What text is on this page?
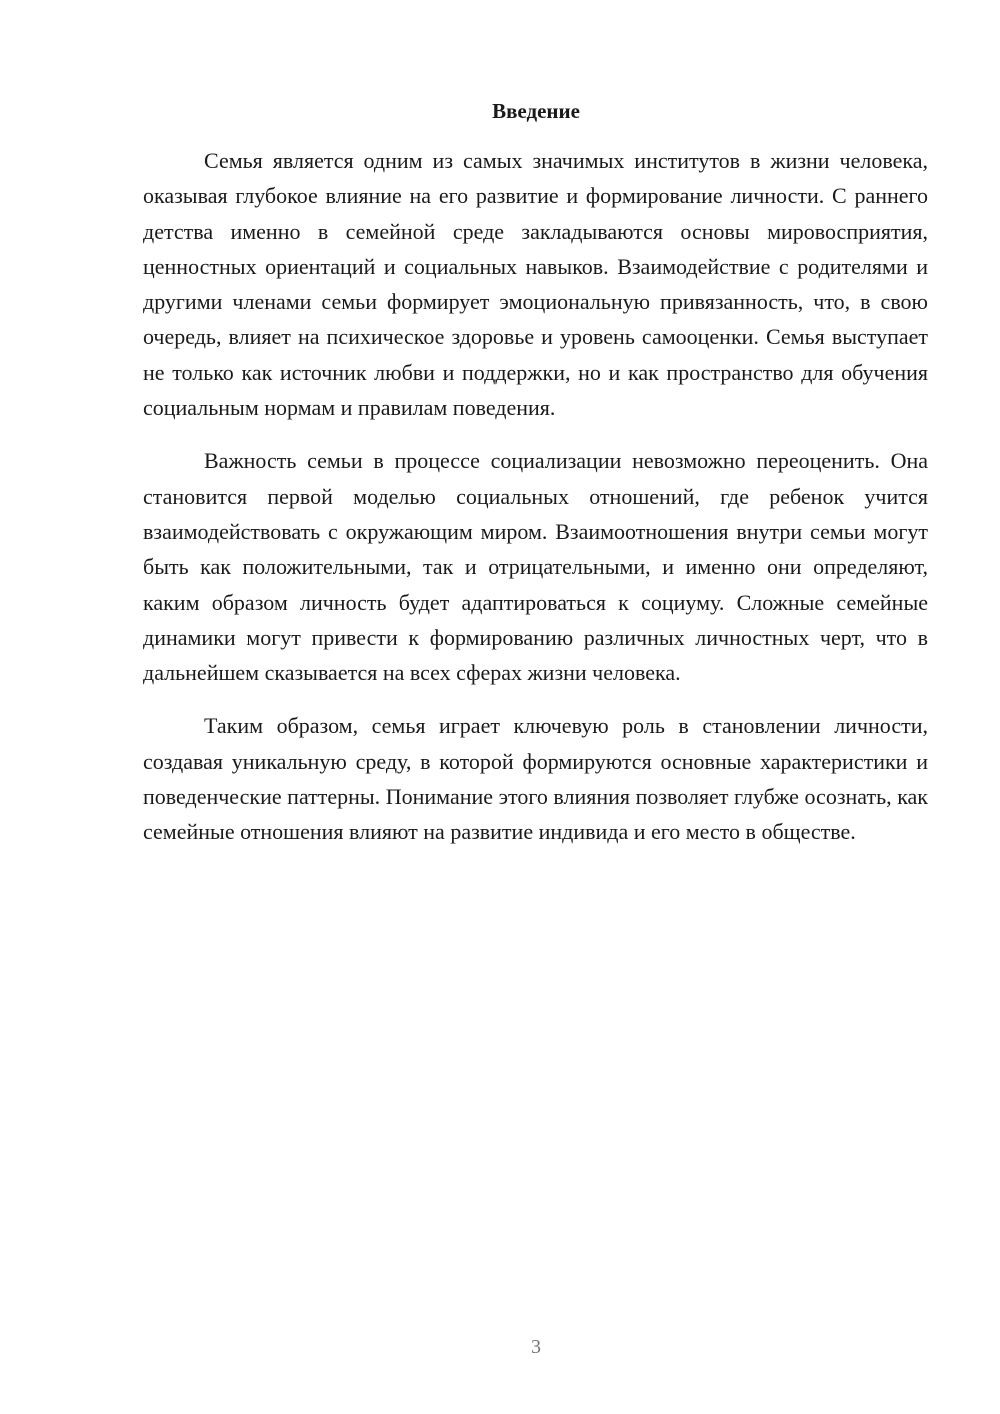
Введение

Семья является одним из самых значимых институтов в жизни человека, оказывая глубокое влияние на его развитие и формирование личности. С раннего детства именно в семейной среде закладываются основы мировосприятия, ценностных ориентаций и социальных навыков. Взаимодействие с родителями и другими членами семьи формирует эмоциональную привязанность, что, в свою очередь, влияет на психическое здоровье и уровень самооценки. Семья выступает не только как источник любви и поддержки, но и как пространство для обучения социальным нормам и правилам поведения.

Важность семьи в процессе социализации невозможно переоценить. Она становится первой моделью социальных отношений, где ребенок учится взаимодействовать с окружающим миром. Взаимоотношения внутри семьи могут быть как положительными, так и отрицательными, и именно они определяют, каким образом личность будет адаптироваться к социуму. Сложные семейные динамики могут привести к формированию различных личностных черт, что в дальнейшем сказывается на всех сферах жизни человека.

Таким образом, семья играет ключевую роль в становлении личности, создавая уникальную среду, в которой формируются основные характеристики и поведенческие паттерны. Понимание этого влияния позволяет глубже осознать, как семейные отношения влияют на развитие индивида и его место в обществе.

3
